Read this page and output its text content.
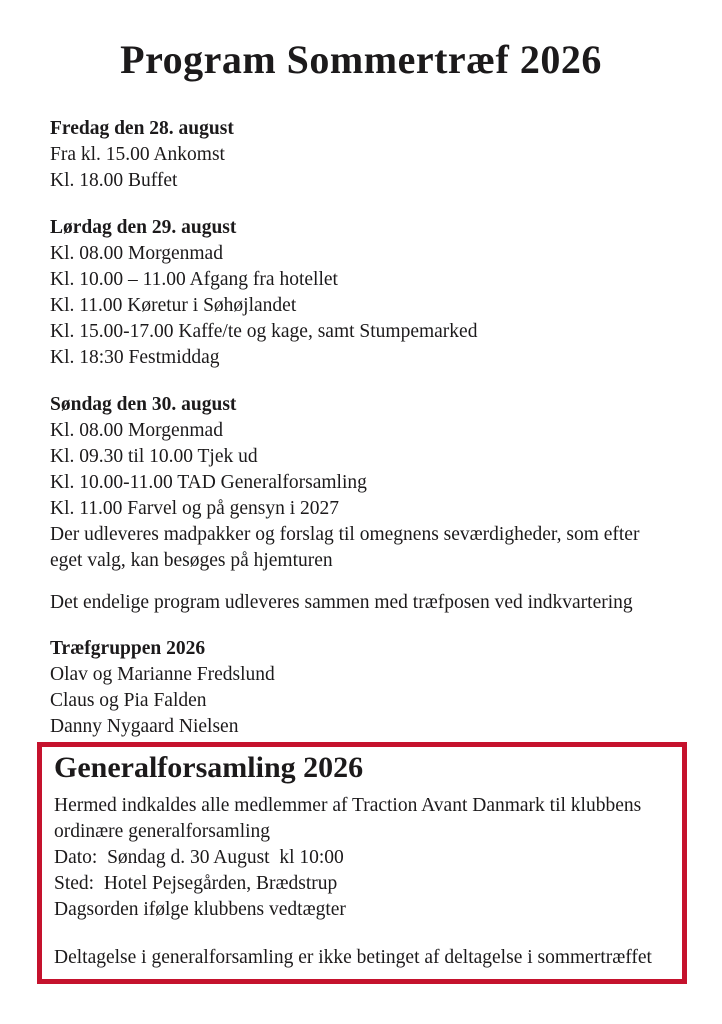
Program Sommertræf 2026

Fredag den 28. august

Fra kl. 15.00 Ankomst

Kl. 18.00 Buffet

Lørdag den 29. august

Kl. 08.00 Morgenmad

Kl. 10.00 – 11.00 Afgang fra hotellet

Kl. 11.00 Køretur i Søhøjlandet

Kl. 15.00-17.00 Kaffe/te og kage, samt Stumpemarked

Kl. 18:30 Festmiddag

Søndag den 30. august

Kl. 08.00 Morgenmad

Kl. 09.30 til 10.00 Tjek ud

Kl. 10.00-11.00 TAD Generalforsamling

Kl. 11.00 Farvel og på gensyn i 2027

Der udleveres madpakker og forslag til omegnens seværdigheder, som efter

eget valg, kan besøges på hjemturen

Det endelige program udleveres sammen med træfposen ved indkvartering

Træfgruppen 2026

Olav og Marianne Fredslund

Claus og Pia Falden

Danny Nygaard Nielsen

Generalforsamling 2026

Hermed indkaldes alle medlemmer af Traction Avant Danmark til klubbens

ordinære generalforsamling

Dato:  Søndag d. 30 August  kl 10:00

Sted:  Hotel Pejsegården, Brædstrup

Dagsorden ifølge klubbens vedtægter

Deltagelse i generalforsamling er ikke betinget af deltagelse i sommertræffet
